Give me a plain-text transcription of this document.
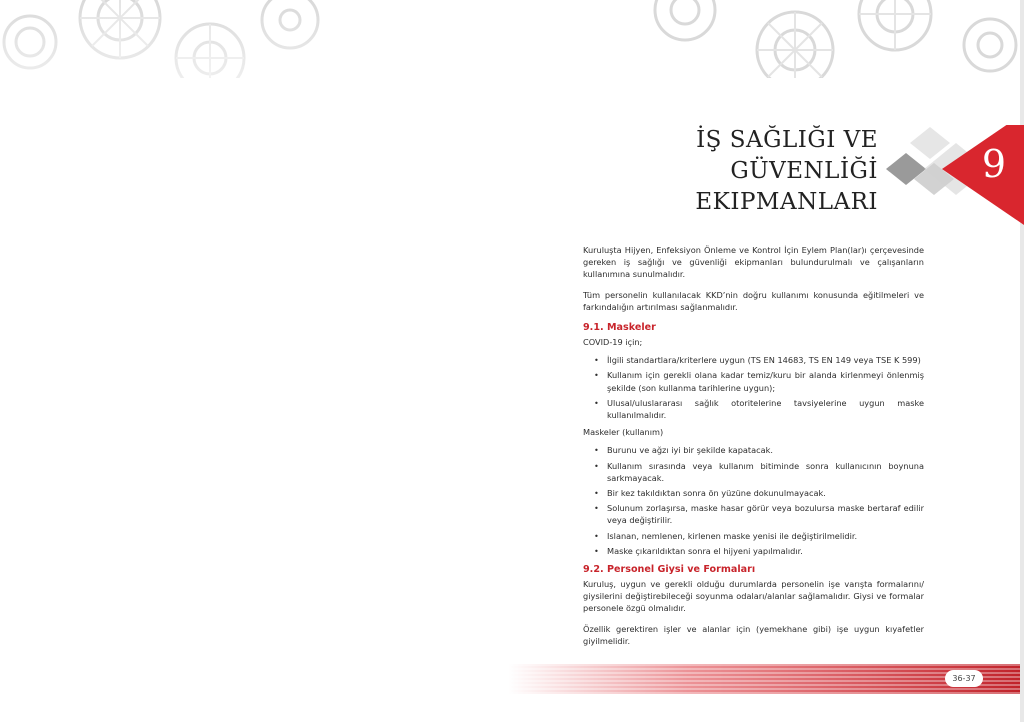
İŞ SAĞLIĞI VE
GÜVENLİĞİ
EKIPMANLARI
9

Kuruluşta Hijyen, Enfeksiyon Önleme ve Kontrol İçin Eylem Plan(lar)ı çerçevesinde gereken iş sağlığı ve güvenliği ekipmanları bulundurulmalı ve çalışanların kullanımına sunulmalıdır.

Tüm personelin kullanılacak KKD’nin doğru kullanımı konusunda eğitilmeleri ve farkındalığın artırılması sağlanmalıdır.

9.1. Maskeler
COVID-19 için;
• İlgili standartlara/kriterlere uygun (TS EN 14683, TS EN 149 veya TSE K 599)
• Kullanım için gerekli olana kadar temiz/kuru bir alanda kirlenmeyi önlenmiş şekilde (son kullanma tarihlerine uygun);
• Ulusal/uluslararası sağlık otoritelerine tavsiyelerine uygun maske kullanılmalıdır.
Maskeler (kullanım)
• Burunu ve ağzı iyi bir şekilde kapatacak.
• Kullanım sırasında veya kullanım bitiminde sonra kullanıcının boynuna sarkmayacak.
• Bir kez takıldıktan sonra ön yüzüne dokunulmayacak.
• Solunum zorlaşırsa, maske hasar görür veya bozulursa maske bertaraf edilir veya değiştirilir.
• Islanan, nemlenen, kirlenen maske yenisi ile değiştirilmelidir.
• Maske çıkarıldıktan sonra el hijyeni yapılmalıdır.
9.2. Personel Giysi ve Formaları

Kuruluş, uygun ve gerekli olduğu durumlarda personelin işe varışta formalarını/ giysilerini değiştirebileceği soyunma odaları/alanlar sağlamalıdır. Giysi ve formalar personele özgü olmalıdır.

Özellik gerektiren işler ve alanlar için (yemekhane gibi) işe uygun kıyafetler giyilmelidir.

36-37
